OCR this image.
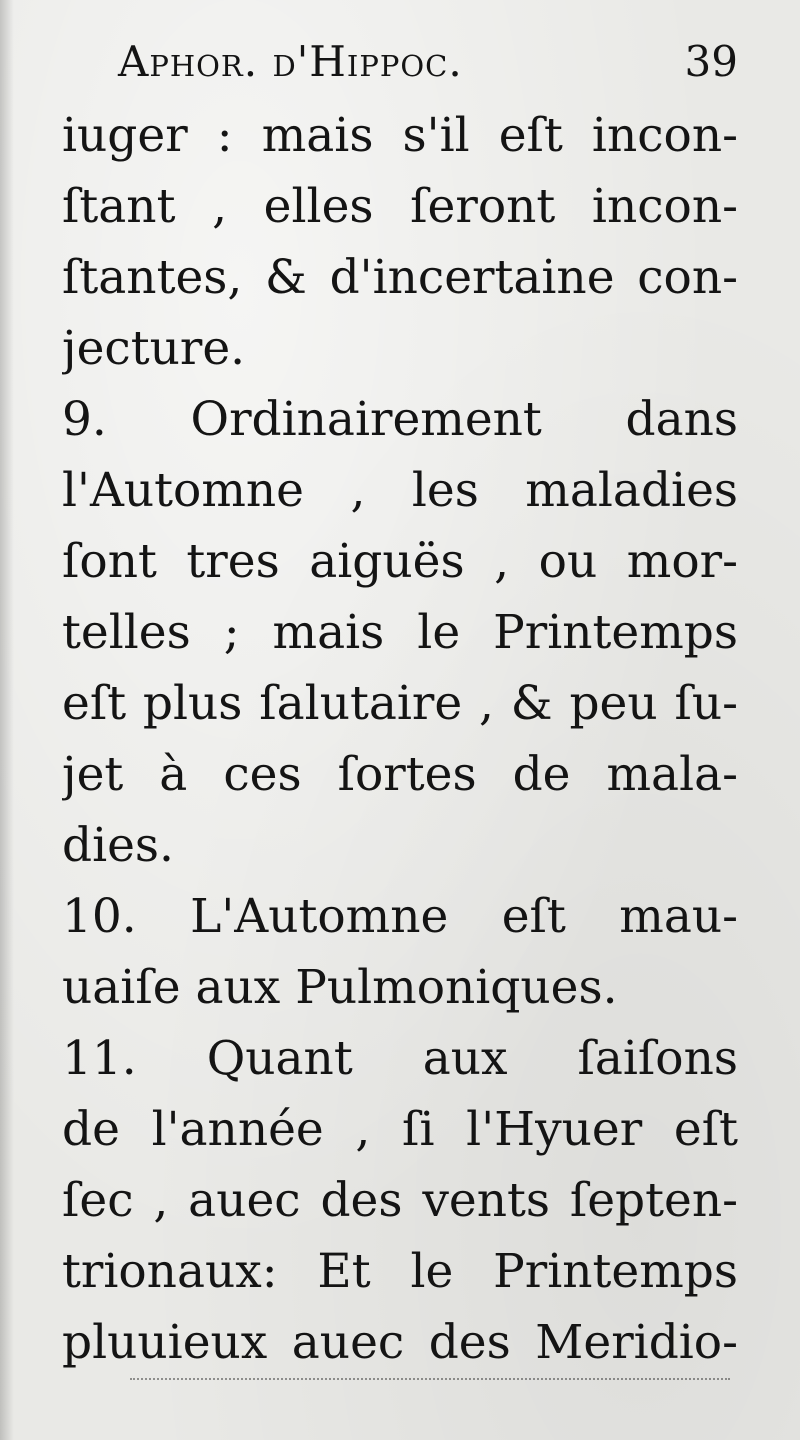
Aphor. d'Hippoc.	39
iuger : mais s'il eſt incon-
ſtant , elles ſeront incon-
ſtantes, & d'incertaine con-
jecture.
9. Ordinairement dans
l'Automne , les maladies
ſont tres aiguës , ou mor-
telles ; mais le Printemps
eſt plus ſalutaire , & peu ſu-
jet à ces ſortes de mala-
dies.
10. L'Automne eſt mau-
uaiſe aux Pulmoniques.
11. Quant aux ſaiſons
de l'année , ſi l'Hyuer eſt
ſec , auec des vents ſepten-
trionaux: Et le Printemps
pluuieux auec des Meridio-
